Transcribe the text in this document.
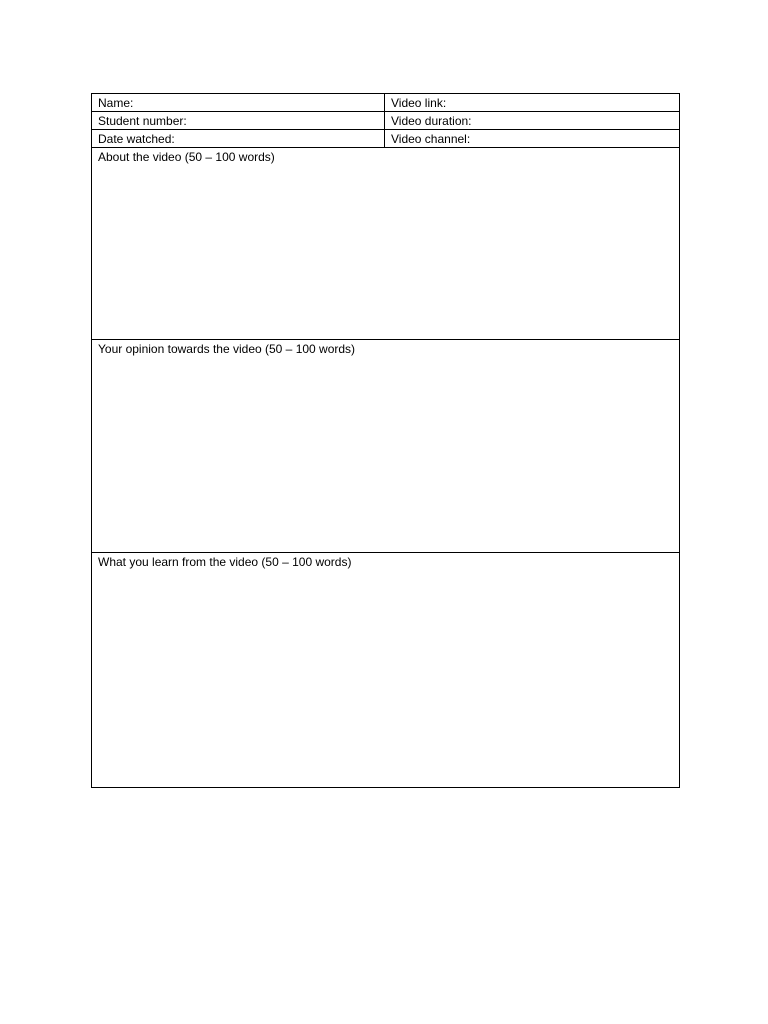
Name:	Video link:
Student number:	Video duration:
Date watched:	Video channel:
About the video (50 – 100 words)	
Your opinion towards the video (50 – 100 words)	
What you learn from the video (50 – 100 words)	
